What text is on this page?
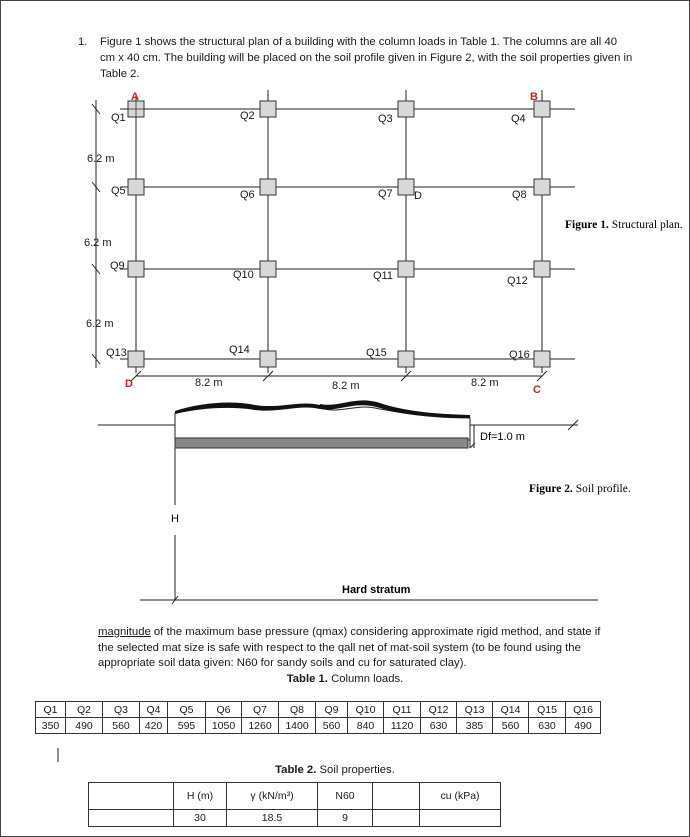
1. Figure 1 shows the structural plan of a building with the column loads in Table 1. The columns are all 40 cm x 40 cm. The building will be placed on the soil profile given in Figure 2, with the soil properties given in Table 2.
Q1	Q2	Q3	Q4
Q5	Q6	Q7	Q8
Q9
Q10	Q11	Q12
Q13	Q14	Q15	Q16
6.2 m
6.2 m
6.2 m
8.2 m	8.2 m	8.2 m
D
A	B
C
D
Figure 1. Structural plan.
Df=1.0 m
H
Hard stratum
Figure 2. Soil profile.
magnitude of the maximum base pressure (qmax) considering approximate rigid method, and state if the selected mat size is safe with respect to the qall net of mat-soil system (to be found using the appropriate soil data given: N60 for sandy soils and cu for saturated clay).
Table 1. Column loads.
Q1	Q2	Q3	Q4	Q5	Q6	Q7	Q8	Q9	Q10	Q11	Q12	Q13	Q14	Q15	Q16
350	490	560	420	595	1050	1260	1400	560	840	1120	630	385	560	630	490
Table 2. Soil properties.
	H (m)	γ (kN/m³)	N60		cu (kPa)
	30	18.5	9		
